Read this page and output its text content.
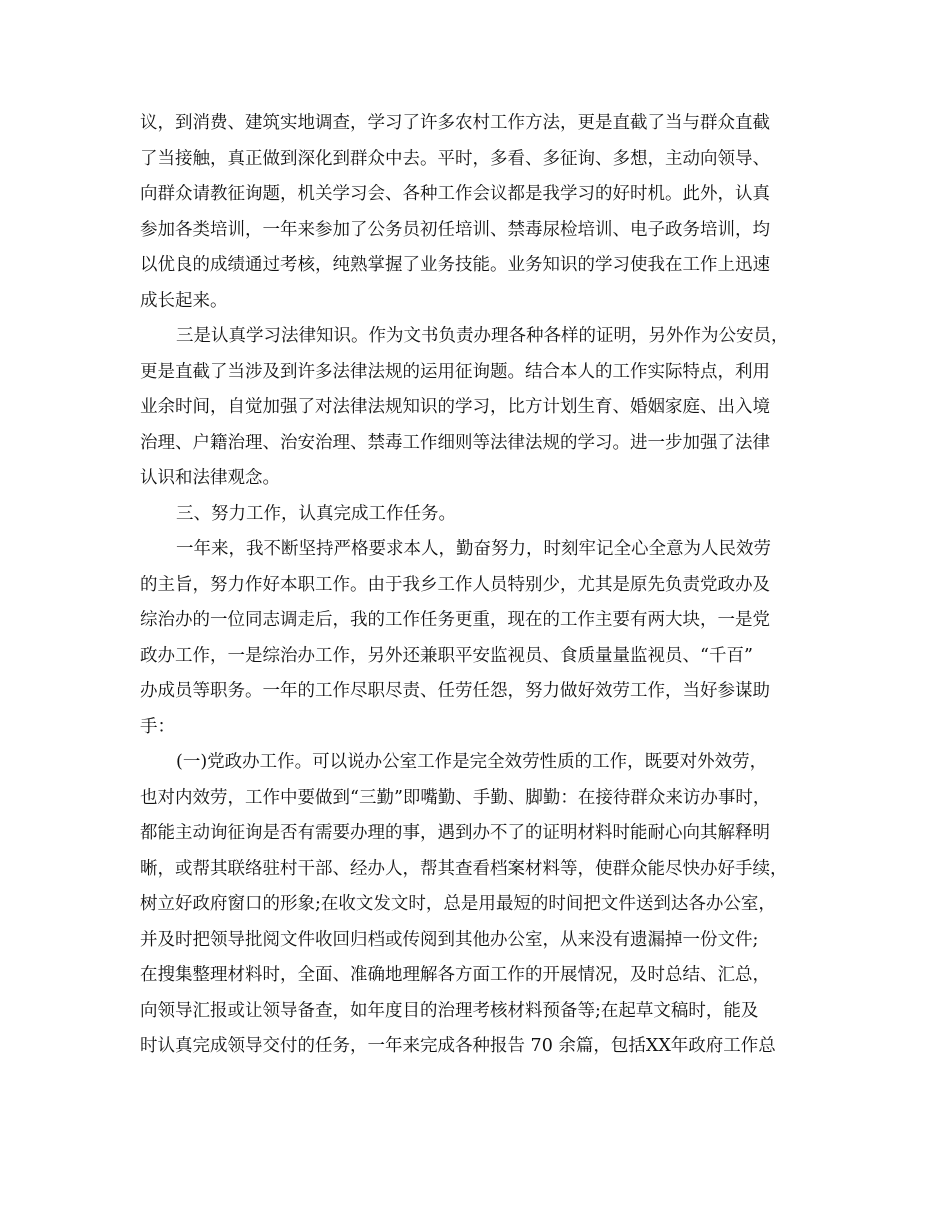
议，到消费、建筑实地调查，学习了许多农村工作方法，更是直截了当与群众直截
了当接触，真正做到深化到群众中去。平时，多看、多征询、多想，主动向领导、
向群众请教征询题，机关学习会、各种工作会议都是我学习的好时机。此外，认真
参加各类培训，一年来参加了公务员初任培训、禁毒尿检培训、电子政务培训，均
以优良的成绩通过考核，纯熟掌握了业务技能。业务知识的学习使我在工作上迅速
成长起来。
三是认真学习法律知识。作为文书负责办理各种各样的证明，另外作为公安员，
更是直截了当涉及到许多法律法规的运用征询题。结合本人的工作实际特点，利用
业余时间，自觉加强了对法律法规知识的学习，比方计划生育、婚姻家庭、出入境
治理、户籍治理、治安治理、禁毒工作细则等法律法规的学习。进一步加强了法律
认识和法律观念。
三、努力工作，认真完成工作任务。
一年来，我不断坚持严格要求本人，勤奋努力，时刻牢记全心全意为人民效劳
的主旨，努力作好本职工作。由于我乡工作人员特别少，尤其是原先负责党政办及
综治办的一位同志调走后，我的工作任务更重，现在的工作主要有两大块，一是党
政办工作，一是综治办工作，另外还兼职平安监视员、食质量量监视员、“千百”
办成员等职务。一年的工作尽职尽责、任劳任怨，努力做好效劳工作，当好参谋助
手：
(一)党政办工作。可以说办公室工作是完全效劳性质的工作，既要对外效劳，
也对内效劳，工作中要做到“三勤”即嘴勤、手勤、脚勤：在接待群众来访办事时，
都能主动询征询是否有需要办理的事，遇到办不了的证明材料时能耐心向其解释明
晰，或帮其联络驻村干部、经办人，帮其查看档案材料等，使群众能尽快办好手续，
树立好政府窗口的形象;在收文发文时，总是用最短的时间把文件送到达各办公室，
并及时把领导批阅文件收回归档或传阅到其他办公室，从来没有遗漏掉一份文件;
在搜集整理材料时，全面、准确地理解各方面工作的开展情况，及时总结、汇总，
向领导汇报或让领导备查，如年度目的治理考核材料预备等;在起草文稿时，能及
时认真完成领导交付的任务，一年来完成各种报告 70 余篇，包括XX年政府工作总
